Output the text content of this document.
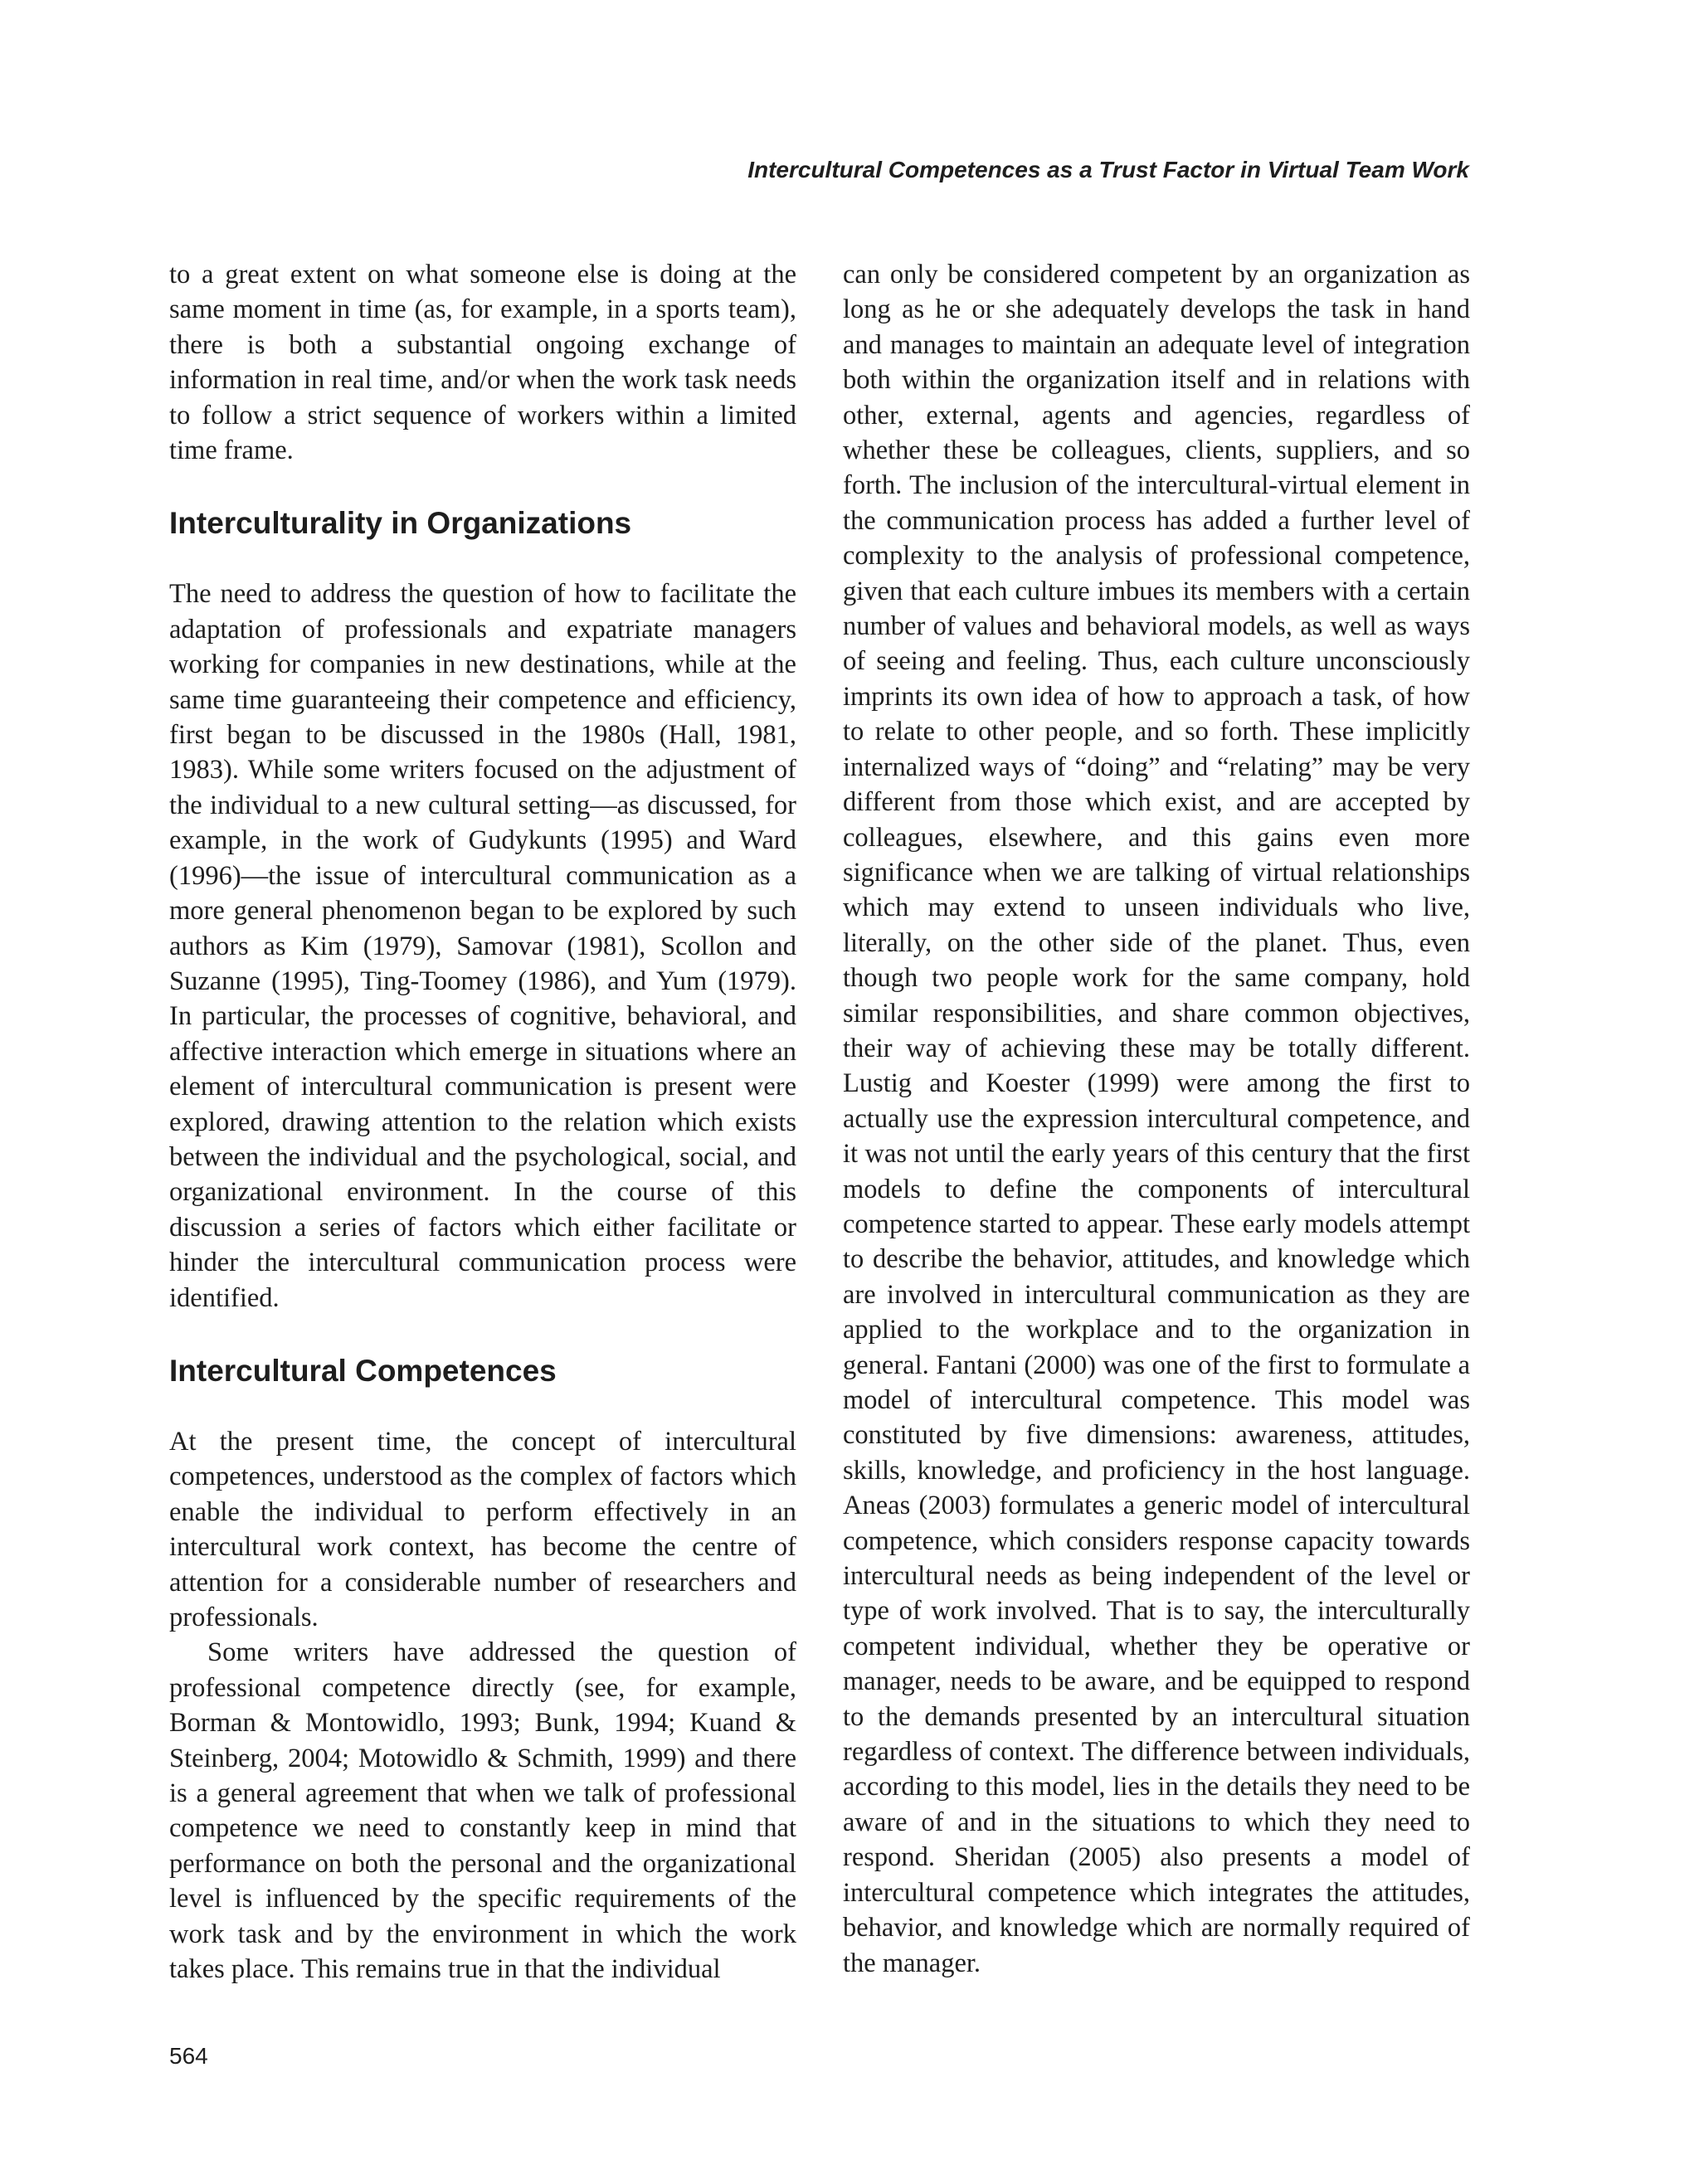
Intercultural Competences as a Trust Factor in Virtual Team Work

to a great extent on what someone else is doing at the same moment in time (as, for example, in a sports team), there is both a substantial ongoing exchange of information in real time, and/or when the work task needs to follow a strict sequence of workers within a limited time frame.

Interculturality in Organizations

The need to address the question of how to facilitate the adaptation of professionals and expatriate managers working for companies in new destinations, while at the same time guaranteeing their competence and efficiency, first began to be discussed in the 1980s (Hall, 1981, 1983). While some writers focused on the adjustment of the individual to a new cultural setting—as discussed, for example, in the work of Gudykunts (1995) and Ward (1996)—the issue of intercultural communication as a more general phenomenon began to be explored by such authors as Kim (1979), Samovar (1981), Scollon and Suzanne (1995), Ting-Toomey (1986), and Yum (1979). In particular, the processes of cognitive, behavioral, and affective interaction which emerge in situations where an element of intercultural communication is present were explored, drawing attention to the relation which exists between the individual and the psychological, social, and organizational environment. In the course of this discussion a series of factors which either facilitate or hinder the intercultural communication process were identified.

Intercultural Competences

At the present time, the concept of intercultural competences, understood as the complex of factors which enable the individual to perform effectively in an intercultural work context, has become the centre of attention for a considerable number of researchers and professionals.

Some writers have addressed the question of professional competence directly (see, for example, Borman & Montowidlo, 1993; Bunk, 1994; Kuand & Steinberg, 2004; Motowidlo & Schmith, 1999) and there is a general agreement that when we talk of professional competence we need to constantly keep in mind that performance on both the personal and the organizational level is influenced by the specific requirements of the work task and by the environment in which the work takes place. This remains true in that the individual

can only be considered competent by an organization as long as he or she adequately develops the task in hand and manages to maintain an adequate level of integration both within the organization itself and in relations with other, external, agents and agencies, regardless of whether these be colleagues, clients, suppliers, and so forth. The inclusion of the intercultural-virtual element in the communication process has added a further level of complexity to the analysis of professional competence, given that each culture imbues its members with a certain number of values and behavioral models, as well as ways of seeing and feeling. Thus, each culture unconsciously imprints its own idea of how to approach a task, of how to relate to other people, and so forth. These implicitly internalized ways of “doing” and “relating” may be very different from those which exist, and are accepted by colleagues, elsewhere, and this gains even more significance when we are talking of virtual relationships which may extend to unseen individuals who live, literally, on the other side of the planet. Thus, even though two people work for the same company, hold similar responsibilities, and share common objectives, their way of achieving these may be totally different. Lustig and Koester (1999) were among the first to actually use the expression intercultural competence, and it was not until the early years of this century that the first models to define the components of intercultural competence started to appear. These early models attempt to describe the behavior, attitudes, and knowledge which are involved in intercultural communication as they are applied to the workplace and to the organization in general. Fantani (2000) was one of the first to formulate a model of intercultural competence. This model was constituted by five dimensions: awareness, attitudes, skills, knowledge, and proficiency in the host language. Aneas (2003) formulates a generic model of intercultural competence, which considers response capacity towards intercultural needs as being independent of the level or type of work involved. That is to say, the interculturally competent individual, whether they be operative or manager, needs to be aware, and be equipped to respond to the demands presented by an intercultural situation regardless of context. The difference between individuals, according to this model, lies in the details they need to be aware of and in the situations to which they need to respond. Sheridan (2005) also presents a model of intercultural competence which integrates the attitudes, behavior, and knowledge which are normally required of the manager.

564
